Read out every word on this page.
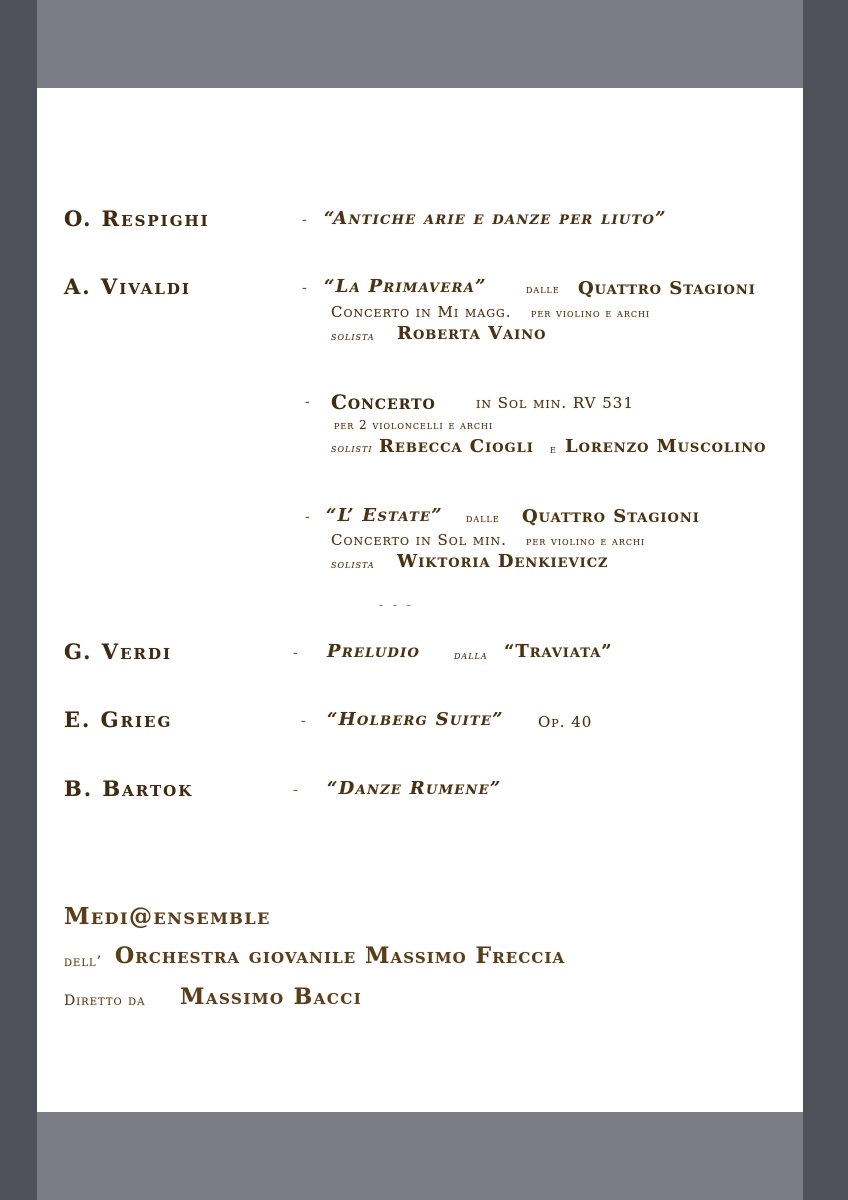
O. Respighi	- “Antiche arie e danze per liuto”
A. Vivaldi	- “La Primavera”	dalle Quattro Stagioni
Concerto in Mi magg. per violino e archi
solista Roberta Vaino
- Concerto	in Sol min. RV 531
per 2 violoncelli e archi
solisti Rebecca Ciogli e Lorenzo Muscolino
- “L’ Estate” dalle Quattro Stagioni
Concerto in Sol min. per violino e archi
solista Wiktoria Denkievicz
- - -
G. Verdi	- Preludio	dalla “Traviata”
E. Grieg	- “Holberg Suite” Op. 40
B. Bartok	- “Danze Rumene”
Medi@ensemble
dell’ Orchestra giovanile Massimo Freccia
Diretto da Massimo Bacci
